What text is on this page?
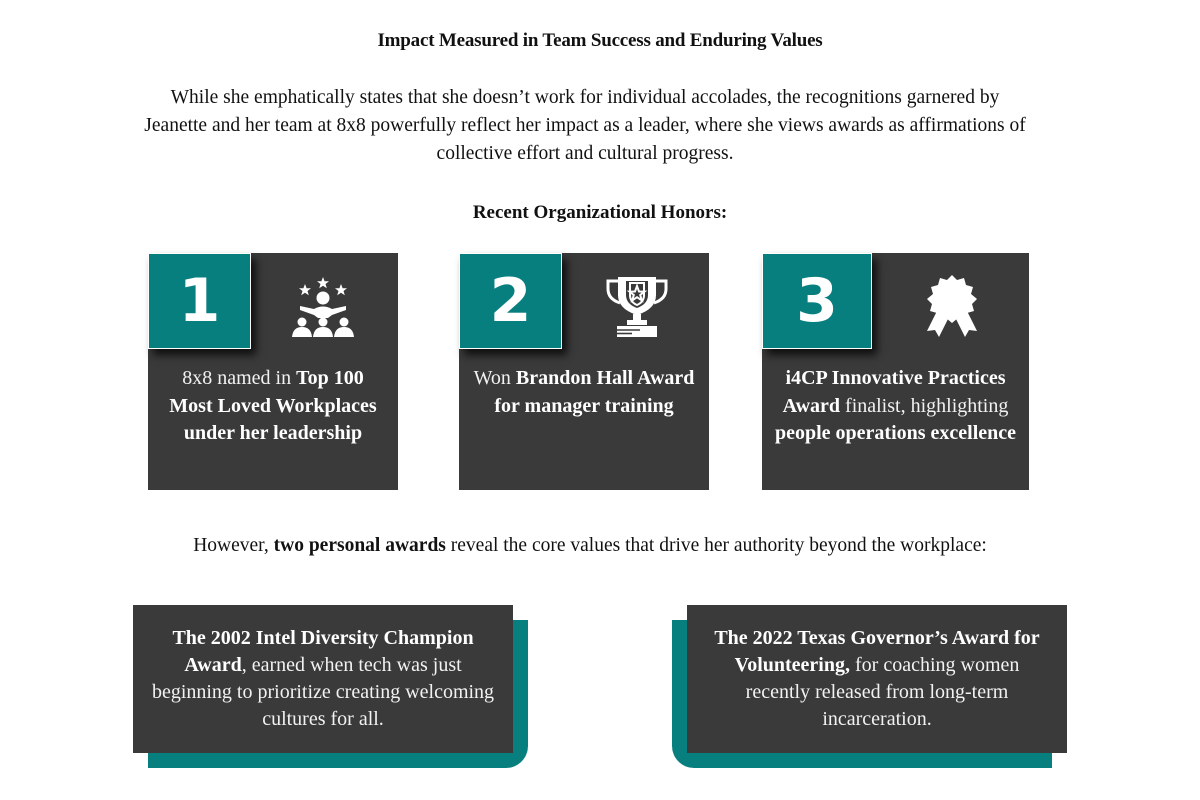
Impact Measured in Team Success and Enduring Values
While she emphatically states that she doesn’t work for individual accolades, the recognitions garnered by Jeanette and her team at 8x8 powerfully reflect her impact as a leader, where she views awards as affirmations of collective effort and cultural progress.
Recent Organizational Honors:
1
8x8 named in Top 100 Most Loved Workplaces under her leadership
2
Won Brandon Hall Award for manager training
3
i4CP Innovative Practices Award finalist, highlighting people operations excellence
However, two personal awards reveal the core values that drive her authority beyond the workplace:
The 2002 Intel Diversity Champion Award, earned when tech was just beginning to prioritize creating welcoming cultures for all.
The 2022 Texas Governor’s Award for Volunteering, for coaching women recently released from long-term incarceration.
